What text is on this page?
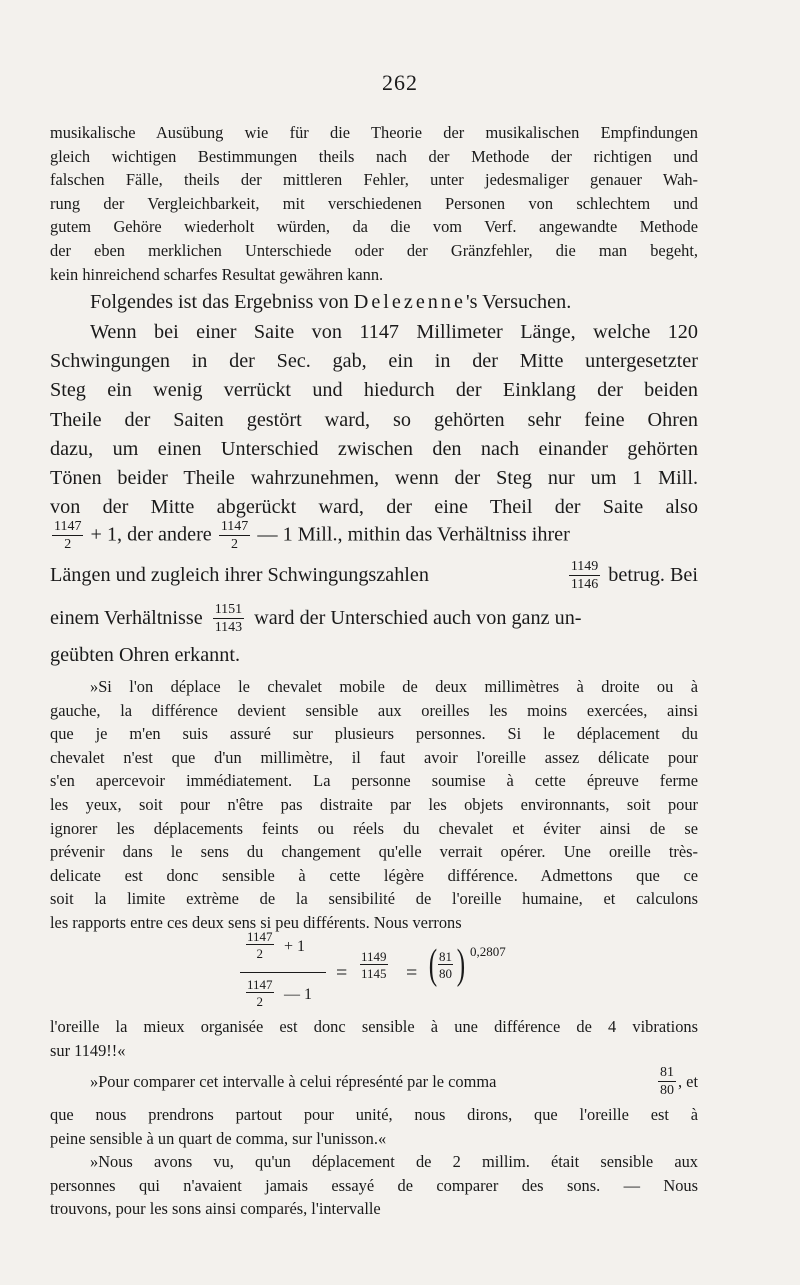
262
musikalische Ausübung wie für die Theorie der musikalischen Empfindungen
gleich wichtigen Bestimmungen theils nach der Methode der richtigen und
falschen Fälle, theils der mittleren Fehler, unter jedesmaliger genauer Wah-
rung der Vergleichbarkeit, mit verschiedenen Personen von schlechtem und
gutem Gehöre wiederholt würden, da die vom Verf. angewandte Methode
der eben merklichen Unterschiede oder der Gränzfehler, die man begeht,
kein hinreichend scharfes Resultat gewähren kann.
Folgendes ist das Ergebniss von Delezenne's Versuchen.
Wenn bei einer Saite von 1147 Millimeter Länge, welche 120
Schwingungen in der Sec. gab, ein in der Mitte untergesetzter
Steg ein wenig verrückt und hiedurch der Einklang der beiden
Theile der Saiten gestört ward, so gehörten sehr feine Ohren
dazu, um einen Unterschied zwischen den nach einander gehörten
Tönen beider Theile wahrzunehmen, wenn der Steg nur um 1 Mill.
von der Mitte abgerückt ward, der eine Theil der Saite also
$\frac{1147}{2} + 1$, der andere $\frac{1147}{2}$ — 1 Mill., mithin das Verhältniss ihrer
Längen und zugleich ihrer Schwingungszahlen	$\frac{1149}{1146}$ betrug. Bei
einem Verhältnisse $\frac{1151}{1143}$ ward der Unterschied auch von ganz un-
geübten Ohren erkannt.
»Si l'on déplace le chevalet mobile de deux millimètres à droite ou à
gauche, la différence devient sensible aux oreilles les moins exercées, ainsi
que je m'en suis assuré sur plusieurs personnes. Si le déplacement du
chevalet n'est que d'un millimètre, il faut avoir l'oreille assez délicate pour
s'en apercevoir immédiatement. La personne soumise à cette épreuve ferme
les yeux, soit pour n'être pas distraite par les objets environnants, soit pour
ignorer les déplacements feints ou réels du chevalet et éviter ainsi de se
prévenir dans le sens du changement qu'elle verrait opérer. Une oreille très-
delicate est donc sensible à cette légère différence. Admettons que ce
soit la limite extrème de la sensibilité de l'oreille humaine, et calculons
les rapports entre ces deux sens si peu différents. Nous verrons
$\frac{1147}{2} + 1$
$\frac{1147}{2}$ — 1
= $\frac{1149}{1145}$ = ( $\frac{81}{80}$ ) 0,2807
l'oreille la mieux organisée est donc sensible à une différence de 4 vibrations
sur 1149!!«
»Pour comparer cet intervalle à celui répresénté par le comma	$\frac{81}{80}$ , et
que nous prendrons partout pour unité, nous dirons, que l'oreille est à
peine sensible à un quart de comma, sur l'unisson.«
»Nous avons vu, qu'un déplacement de 2 millim. était sensible aux
personnes qui n'avaient jamais essayé de comparer des sons. — Nous
trouvons, pour les sons ainsi comparés, l'intervalle
